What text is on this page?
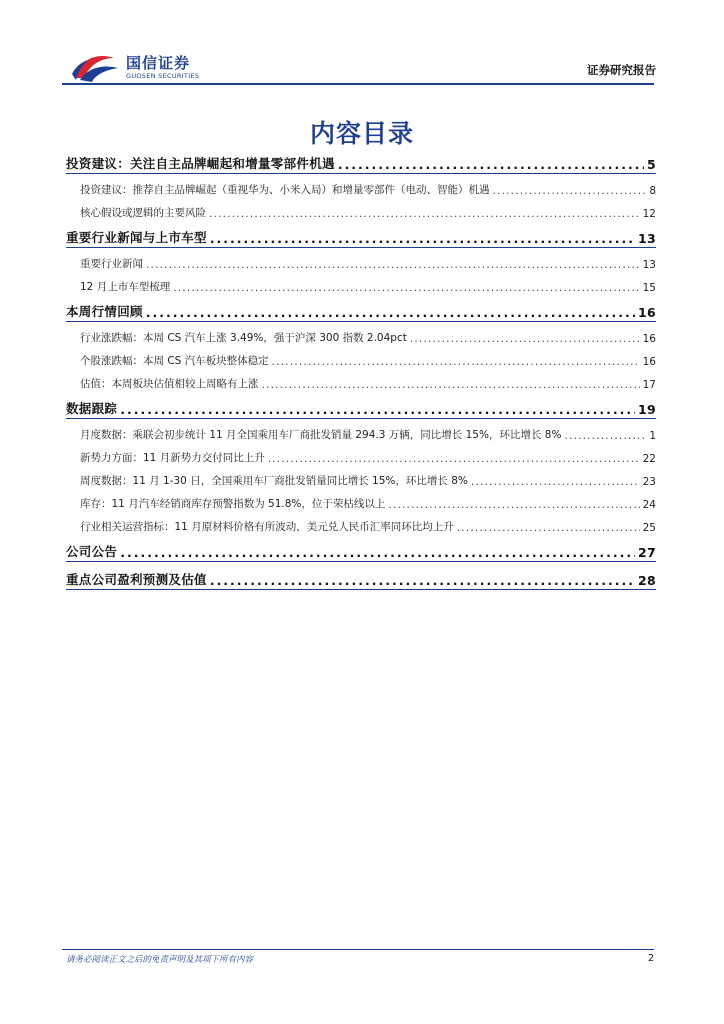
国信证券
GUOSEN SECURITIES	证券研究报告
内容目录
投资建议：关注自主品牌崛起和增量零部件机遇 .....	5
投资建议：推荐自主品牌崛起（重视华为、小米入局）和增量零部件（电动、智能）机遇 .....	8
核心假设或逻辑的主要风险 .....	12
重要行业新闻与上市车型 .....	13
重要行业新闻 .....	13
12 月上市车型梳理 .....	15
本周行情回顾 .....	16
行业涨跌幅：本周 CS 汽车上涨 3.49%，强于沪深 300 指数 2.04pct .....	16
个股涨跌幅：本周 CS 汽车板块整体稳定 .....	16
估值：本周板块估值相较上周略有上涨 .....	17
数据跟踪 .....	19
月度数据：乘联会初步统计 11 月全国乘用车厂商批发销量 294.3 万辆，同比增长 15%，环比增长 8% .....	1
新势力方面：11 月新势力交付同比上升 .....	22
周度数据：11 月 1-30 日，全国乘用车厂商批发销量同比增长 15%，环比增长 8% .....	23
库存：11 月汽车经销商库存预警指数为 51.8%，位于荣枯线以上 .....	24
行业相关运营指标：11 月原材料价格有所波动，美元兑人民币汇率同环比均上升 .....	25
公司公告 .....	27
重点公司盈利预测及估值 .....	28
请务必阅读正文之后的免责声明及其项下所有内容	2
